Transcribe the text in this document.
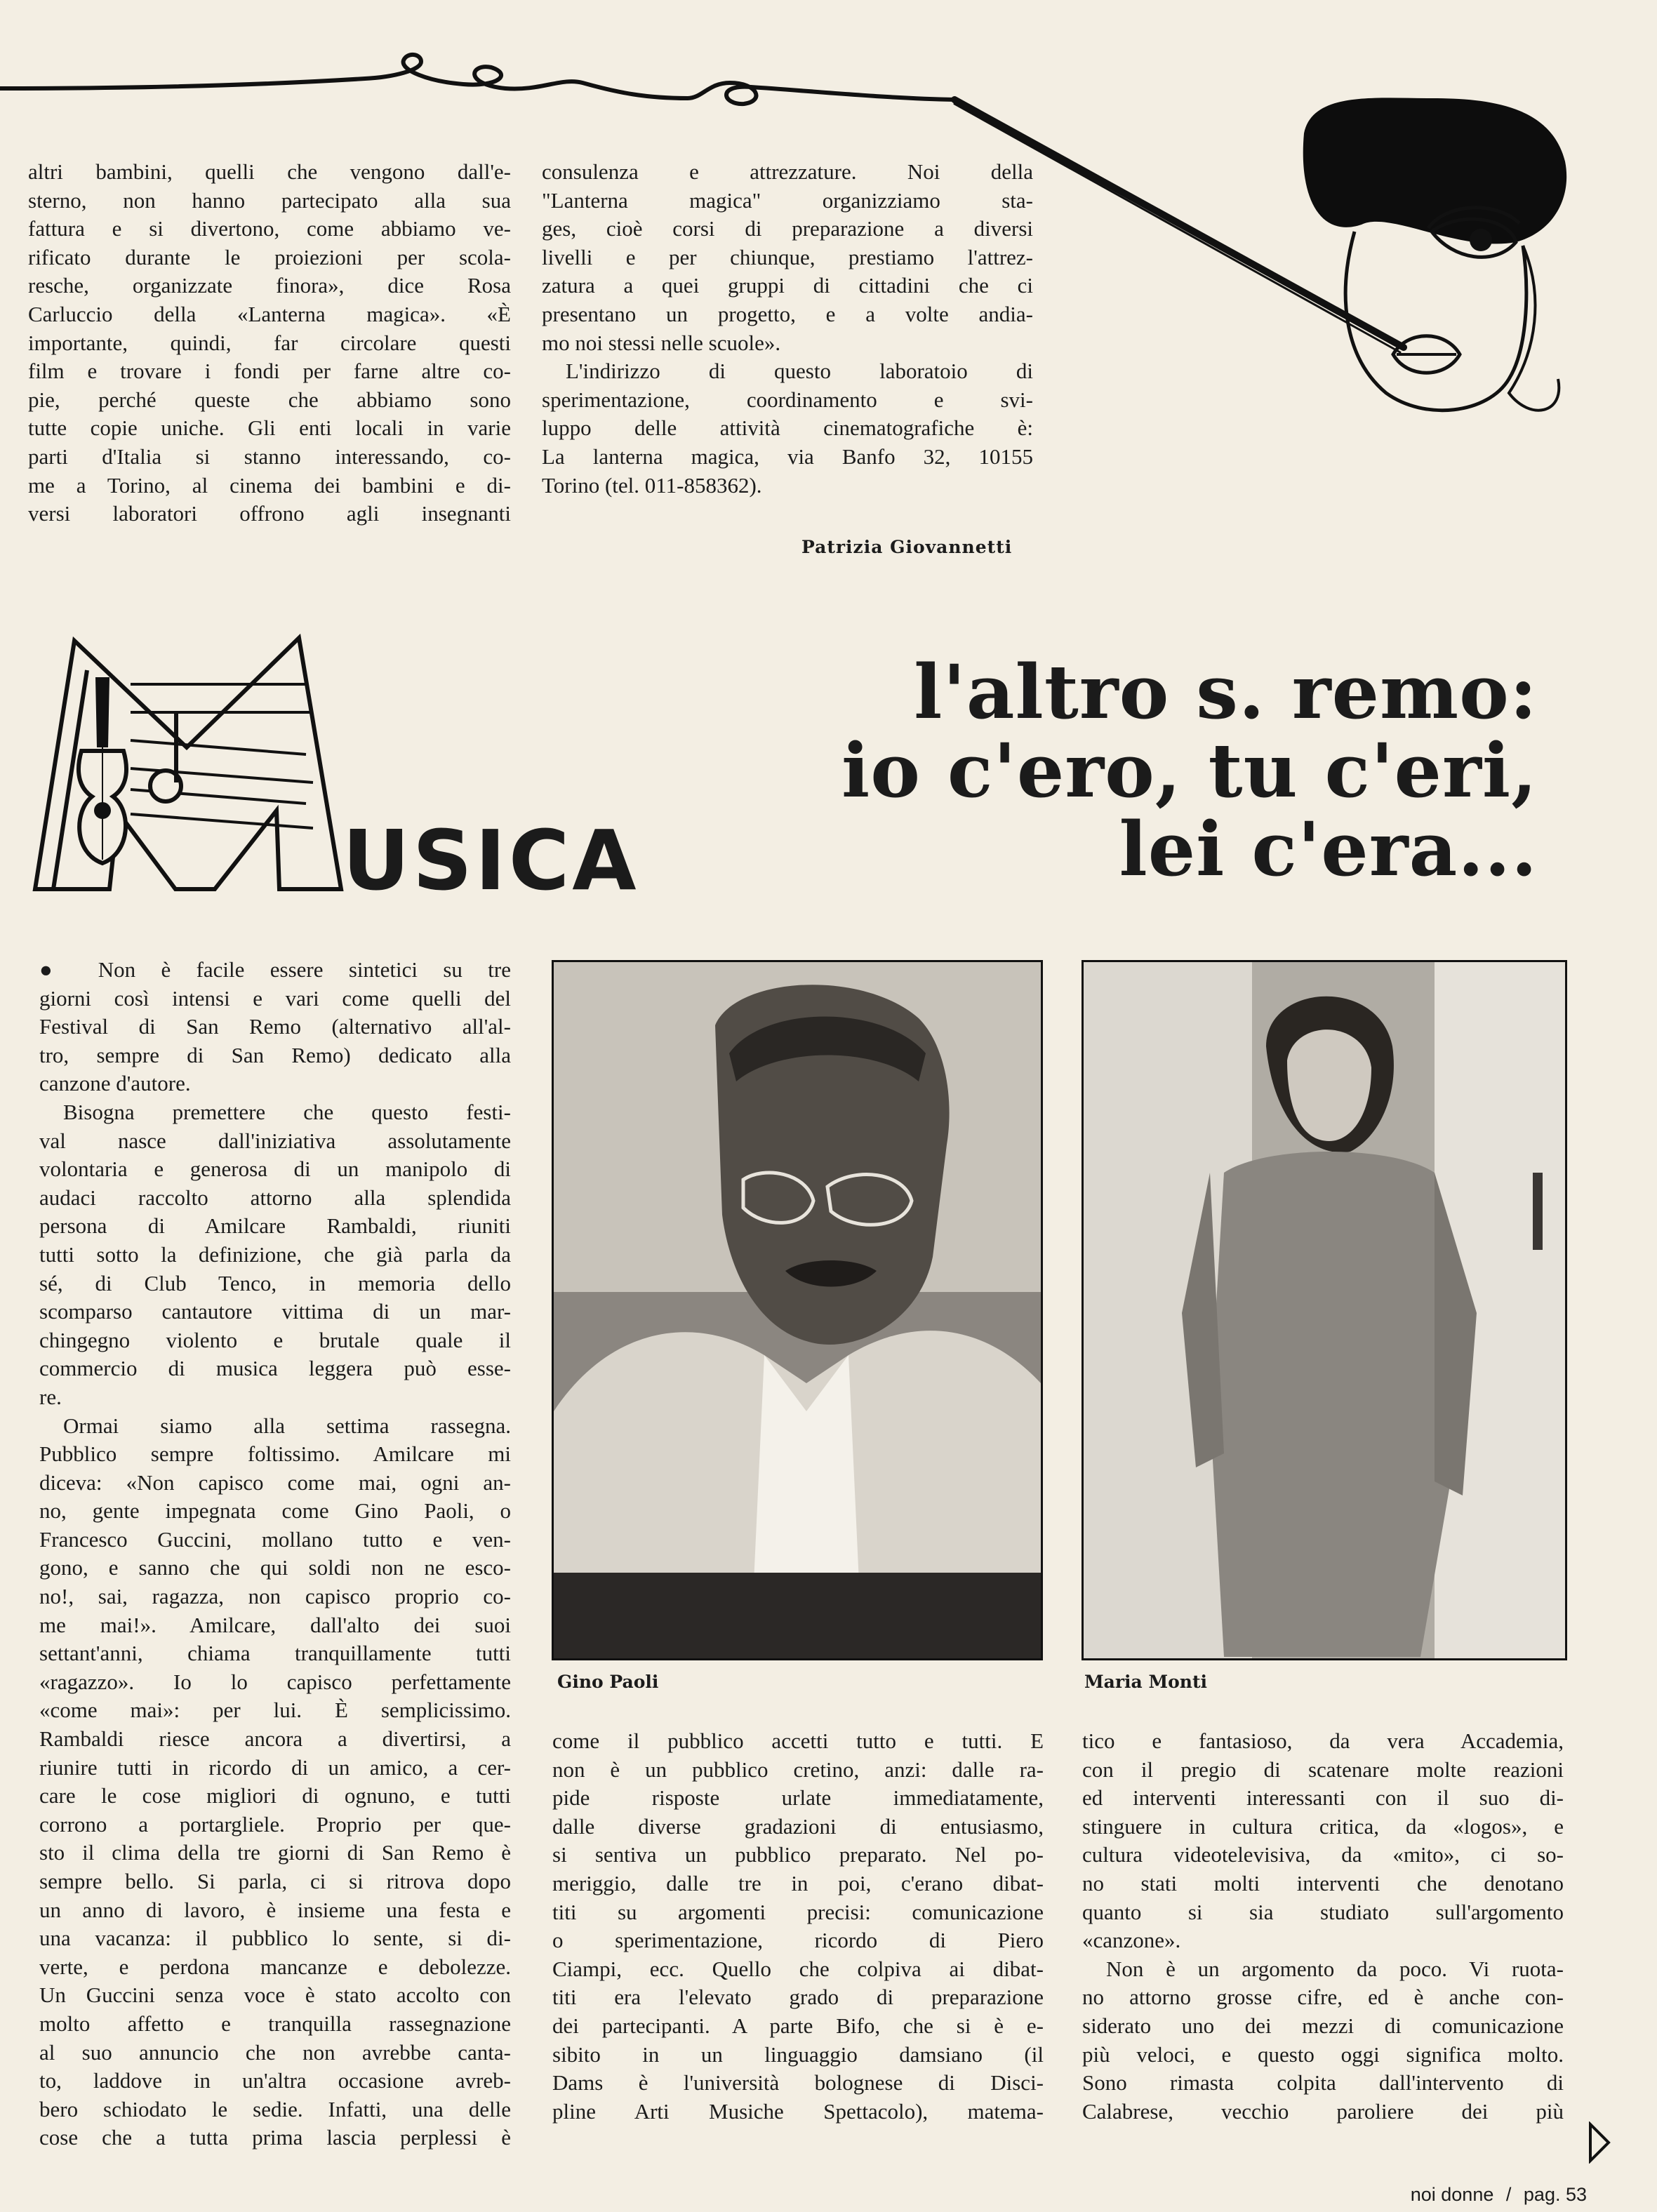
altri bambini, quelli che vengono dall'e-
sterno, non hanno partecipato alla sua
fattura e si divertono, come abbiamo ve-
rificato durante le proiezioni per scola-
resche, organizzate finora», dice Rosa
Carluccio della «Lanterna magica». «È
importante, quindi, far circolare questi
film e trovare i fondi per farne altre co-
pie, perché queste che abbiamo sono
tutte copie uniche. Gli enti locali in varie
parti d'Italia si stanno interessando, co-
me a Torino, al cinema dei bambini e di-
versi laboratori offrono agli insegnanti
consulenza e attrezzature. Noi della
"Lanterna magica" organizziamo sta-
ges, cioè corsi di preparazione a diversi
livelli e per chiunque, prestiamo l'attrez-
zatura a quei gruppi di cittadini che ci
presentano un progetto, e a volte andia-
mo noi stessi nelle scuole».
L'indirizzo di questo laboratoio di
sperimentazione, coordinamento e svi-
luppo delle attività cinematografiche è:
La lanterna magica, via Banfo 32, 10155
Torino (tel. 011-858362).
Patrizia Giovannetti
USICA
l'altro s. remo:
io c'ero, tu c'eri,
lei c'era...
Gino Paoli	Maria Monti
● Non è facile essere sintetici su tre
giorni così intensi e vari come quelli del
Festival di San Remo (alternativo all'al-
tro, sempre di San Remo) dedicato alla
canzone d'autore.
Bisogna premettere che questo festi-
val nasce dall'iniziativa assolutamente
volontaria e generosa di un manipolo di
audaci raccolto attorno alla splendida
persona di Amilcare Rambaldi, riuniti
tutti sotto la definizione, che già parla da
sé, di Club Tenco, in memoria dello
scomparso cantautore vittima di un mar-
chingegno violento e brutale quale il
commercio di musica leggera può esse-
re.
Ormai siamo alla settima rassegna.
Pubblico sempre foltissimo. Amilcare mi
diceva: «Non capisco come mai, ogni an-
no, gente impegnata come Gino Paoli, o
Francesco Guccini, mollano tutto e ven-
gono, e sanno che qui soldi non ne esco-
no!, sai, ragazza, non capisco proprio co-
me mai!». Amilcare, dall'alto dei suoi
settant'anni, chiama tranquillamente tutti
«ragazzo». Io lo capisco perfettamente
«come mai»: per lui. È semplicissimo.
Rambaldi riesce ancora a divertirsi, a
riunire tutti in ricordo di un amico, a cer-
care le cose migliori di ognuno, e tutti
corrono a portargliele. Proprio per que-
sto il clima della tre giorni di San Remo è
sempre bello. Si parla, ci si ritrova dopo
un anno di lavoro, è insieme una festa e
una vacanza: il pubblico lo sente, si di-
verte, e perdona mancanze e debolezze.
Un Guccini senza voce è stato accolto con
molto affetto e tranquilla rassegnazione
al suo annuncio che non avrebbe canta-
to, laddove in un'altra occasione avreb-
bero schiodato le sedie. Infatti, una delle
cose che a tutta prima lascia perplessi è
come il pubblico accetti tutto e tutti. E
non è un pubblico cretino, anzi: dalle ra-
pide risposte urlate immediatamente,
dalle diverse gradazioni di entusiasmo,
si sentiva un pubblico preparato. Nel po-
meriggio, dalle tre in poi, c'erano dibat-
titi su argomenti precisi: comunicazione
o sperimentazione, ricordo di Piero
Ciampi, ecc. Quello che colpiva ai dibat-
titi era l'elevato grado di preparazione
dei partecipanti. A parte Bifo, che si è e-
sibito in un linguaggio damsiano (il
Dams è l'università bolognese di Disci-
pline Arti Musiche Spettacolo), matema-
tico e fantasioso, da vera Accademia,
con il pregio di scatenare molte reazioni
ed interventi interessanti con il suo di-
stinguere in cultura critica, da «logos», e
cultura videotelevisiva, da «mito», ci so-
no stati molti interventi che denotano
quanto si sia studiato sull'argomento
«canzone».
Non è un argomento da poco. Vi ruota-
no attorno grosse cifre, ed è anche con-
siderato uno dei mezzi di comunicazione
più veloci, e questo oggi significa molto.
Sono rimasta colpita dall'intervento di
Calabrese, vecchio paroliere dei più
noi donne / pag. 53
